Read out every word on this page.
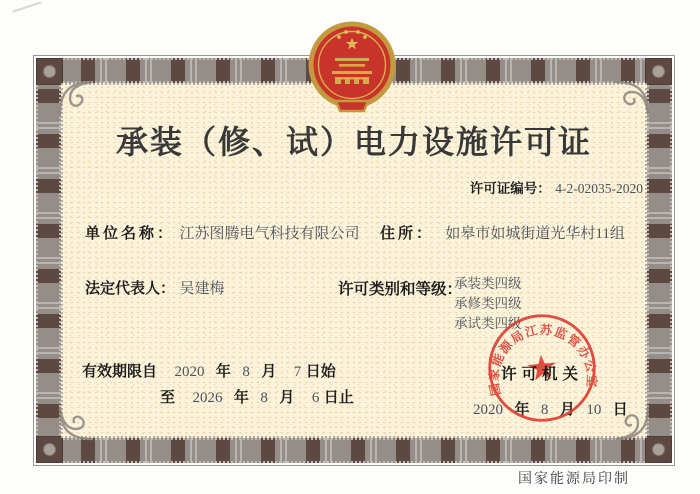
承装（修、试）电力设施许可证
许可证编号： 4-2-02035-2020
单位名称： 江苏图腾电气科技有限公司 住所： 如皋市如城街道光华村11组
法定代表人： 吴建梅	许可类别和等级：
承装类四级
承修类四级
承试类四级
有效期限自 2020 年 8 月 7 日始
至 2026 年 8 月 6 日止
2020 年 8 月 10 日
国家能源局江苏监管办公室
许可机关
国家能源局印制
